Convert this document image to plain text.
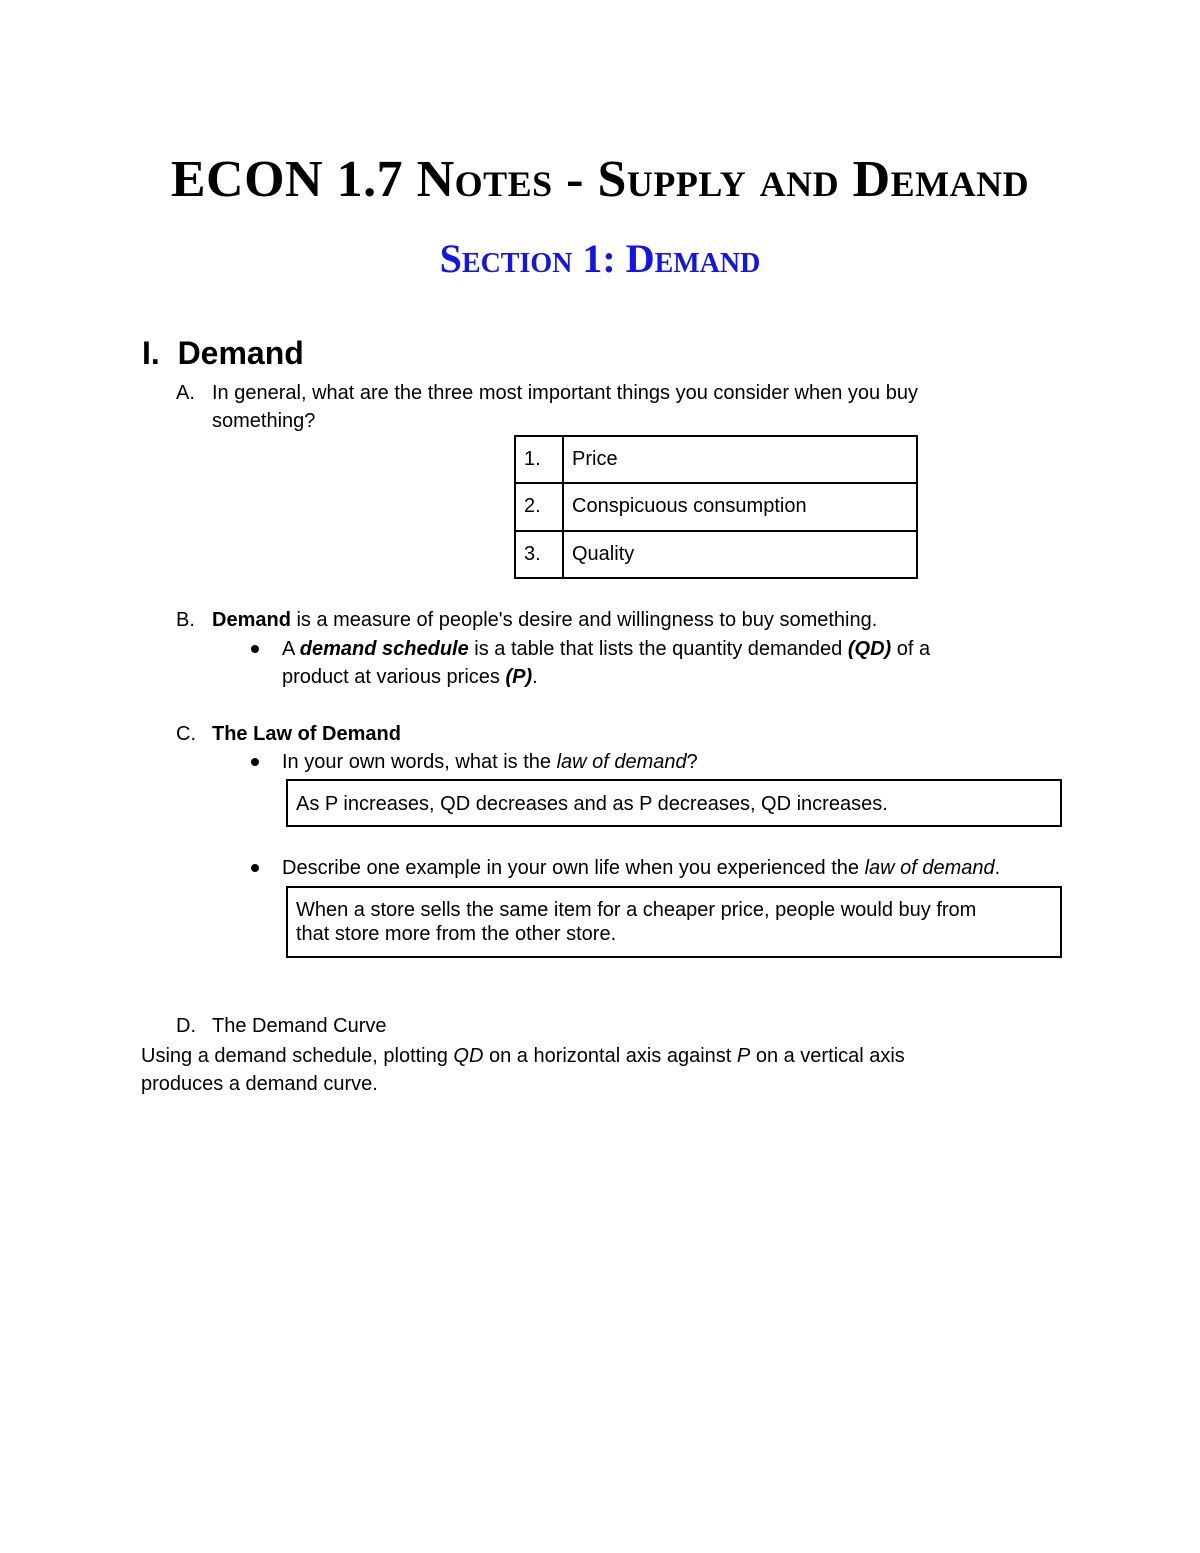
ECON 1.7 Notes - Supply and Demand
Section 1: Demand
I. Demand
A. In general, what are the three most important things you consider when you buy
something?
1.	Price
2.	Conspicuous consumption
3.	Quality
B. Demand is a measure of people's desire and willingness to buy something.
A demand schedule is a table that lists the quantity demanded (QD) of a
product at various prices (P).
C. The Law of Demand
In your own words, what is the law of demand?
As P increases, QD decreases and as P decreases, QD increases.
Describe one example in your own life when you experienced the law of demand.
When a store sells the same item for a cheaper price, people would buy from
that store more from the other store.
D. The Demand Curve
Using a demand schedule, plotting QD on a horizontal axis against P on a vertical axis
produces a demand curve.
